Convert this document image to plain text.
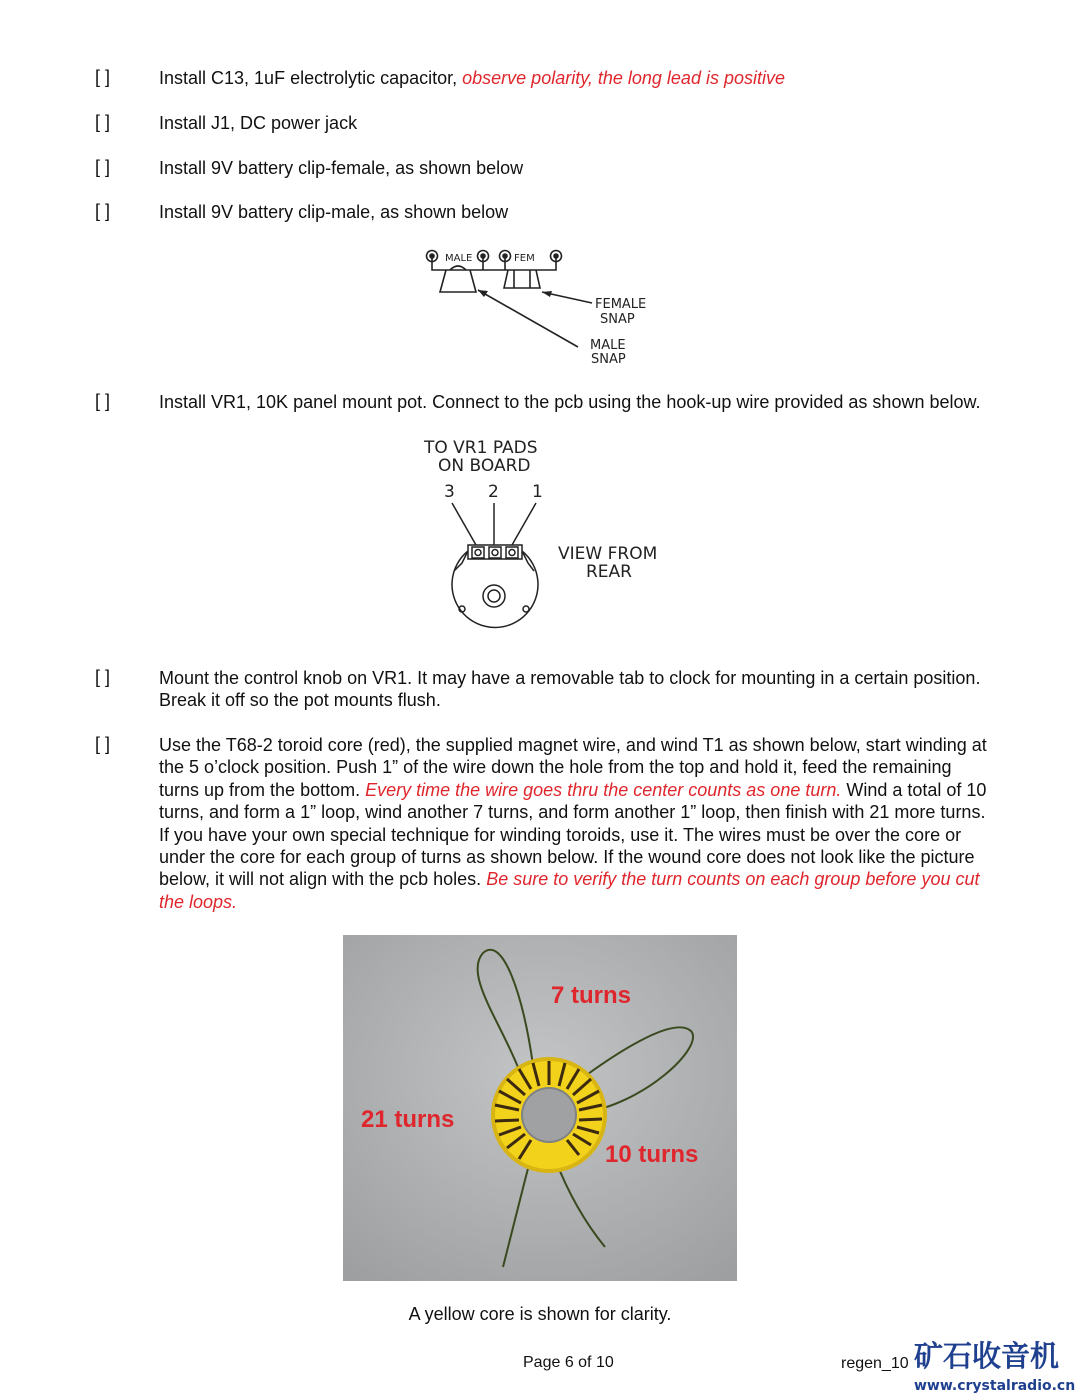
[ ]	Install C13, 1uF electrolytic capacitor, observe polarity, the long lead is positive
[ ]	Install J1, DC power jack
[ ]	Install 9V battery clip-female, as shown below
[ ]	Install 9V battery clip-male, as shown below
MALE	FEM
FEMALE
SNAP
MALE
SNAP
[ ]	Install VR1, 10K panel mount pot. Connect to the pcb using the hook-up wire provided as shown below.
TO VR1 PADS
ON BOARD
3 2 1
VIEW FROM
REAR
[ ]	Mount the control knob on VR1. It may have a removable tab to clock for mounting in a certain position. Break it off so the pot mounts flush.
[ ]	Use the T68-2 toroid core (red), the supplied magnet wire, and wind T1 as shown below, start winding at the 5 o’clock position. Push 1” of the wire down the hole from the top and hold it, feed the remaining turns up from the bottom. Every time the wire goes thru the center counts as one turn. Wind a total of 10 turns, and form a 1” loop, wind another 7 turns, and form another 1” loop, then finish with 21 more turns. If you have your own special technique for winding toroids, use it. The wires must be over the core or under the core for each group of turns as shown below. If the wound core does not look like the picture below, it will not align with the pcb holes. Be sure to verify the turn counts on each group before you cut the loops.
7 turns
21 turns
10 turns
A yellow core is shown for clarity.
Page 6 of 10	regen_10 矿石收音机
www.crystalradio.cn
